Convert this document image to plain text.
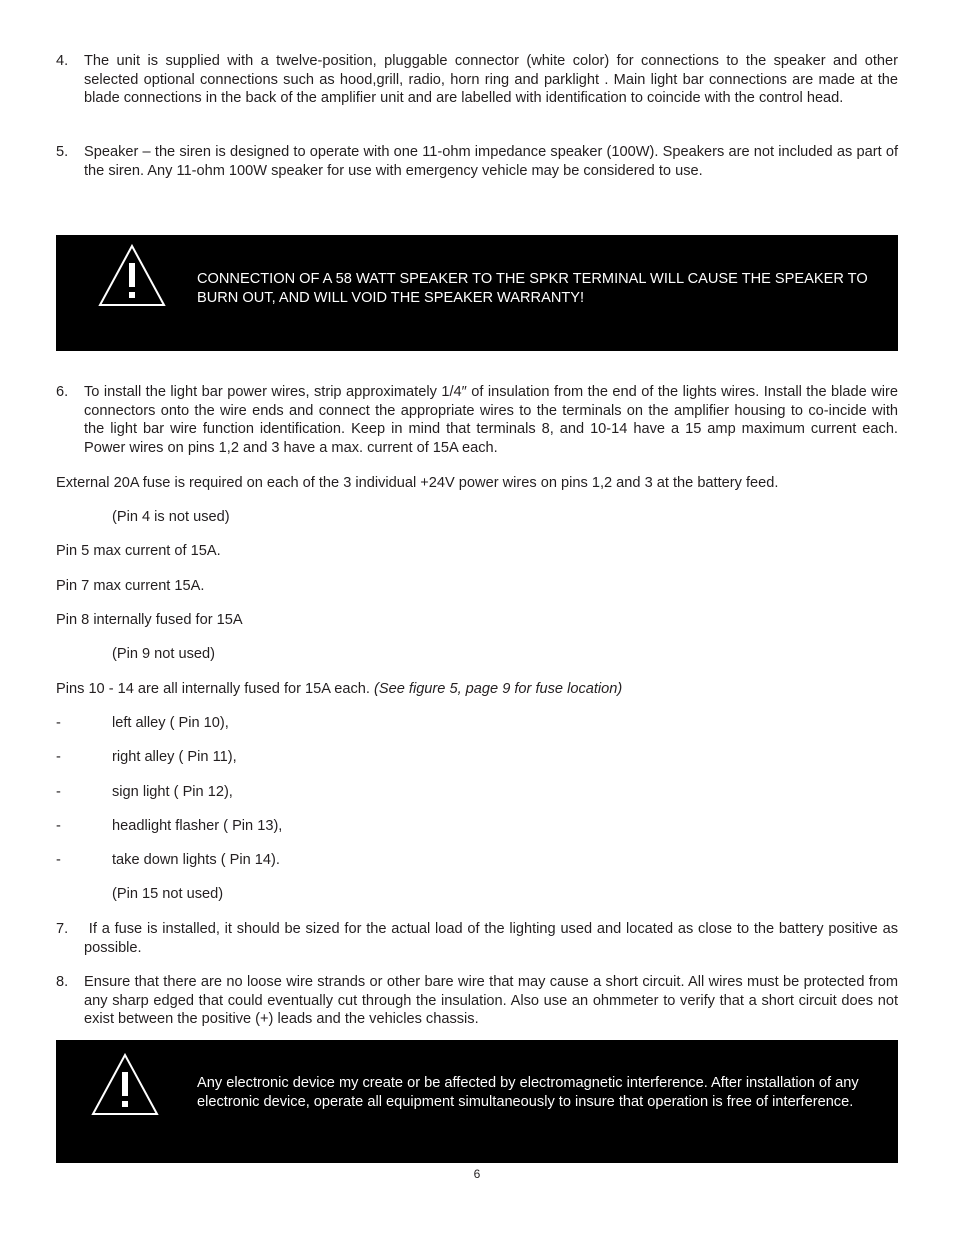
4.	The unit is supplied with a twelve-position, pluggable connector (white color) for connections to the speaker and other selected optional connections such as hood,grill, radio, horn ring and parklight . Main light bar connections are made at the blade connections in the back of the amplifier unit and are labelled with identification to coincide with the control head.
5.	Speaker – the siren is designed to operate with one 11-ohm impedance speaker (100W). Speakers are not included as part of the siren. Any 11-ohm 100W speaker for use with emergency vehicle may be considered to use.
WARNING!
CONNECTION OF A 58 WATT SPEAKER TO THE SPKR TERMINAL WILL CAUSE THE SPEAKER TO BURN OUT, AND WILL VOID THE SPEAKER WARRANTY!
6.	To install the light bar power wires, strip approximately 1/4″ of insulation from the end of the lights wires. Install the blade wire connectors onto the wire ends and connect the appropriate wires to the terminals on the amplifier housing to co-incide with the light bar wire function identification. Keep in mind that terminals 8, and 10-14 have a 15 amp maximum current each. Power wires on pins 1,2 and 3 have a max. current of 15A each.
External 20A fuse is required on each of the 3 individual +24V power wires on pins 1,2 and 3 at the battery feed.
(Pin 4 is not used)
Pin 5 max current of 15A.
Pin 7 max current 15A.
Pin 8 internally fused for 15A
(Pin 9 not used)
Pins 10 - 14 are all internally fused for 15A each. (See figure 5, page 9 for fuse location)
-	left alley ( Pin 10),
-	right alley ( Pin 11),
-	sign light ( Pin 12),
-	headlight flasher ( Pin 13),
-	take down lights ( Pin 14).
(Pin 15 not used)
7.	If a fuse is installed, it should be sized for the actual load of the lighting used and located as close to the battery positive as possible.
8.	Ensure that there are no loose wire strands or other bare wire that may cause a short circuit. All wires must be protected from any sharp edged that could eventually cut through the insulation. Also use an ohmmeter to verify that a short circuit does not exist between the positive (+) leads and the vehicles chassis.
WARNING!
Any electronic device my create or be affected by electromagnetic interference. After installation of any electronic device, operate all equipment simultaneously to insure that operation is free of interference.
6
